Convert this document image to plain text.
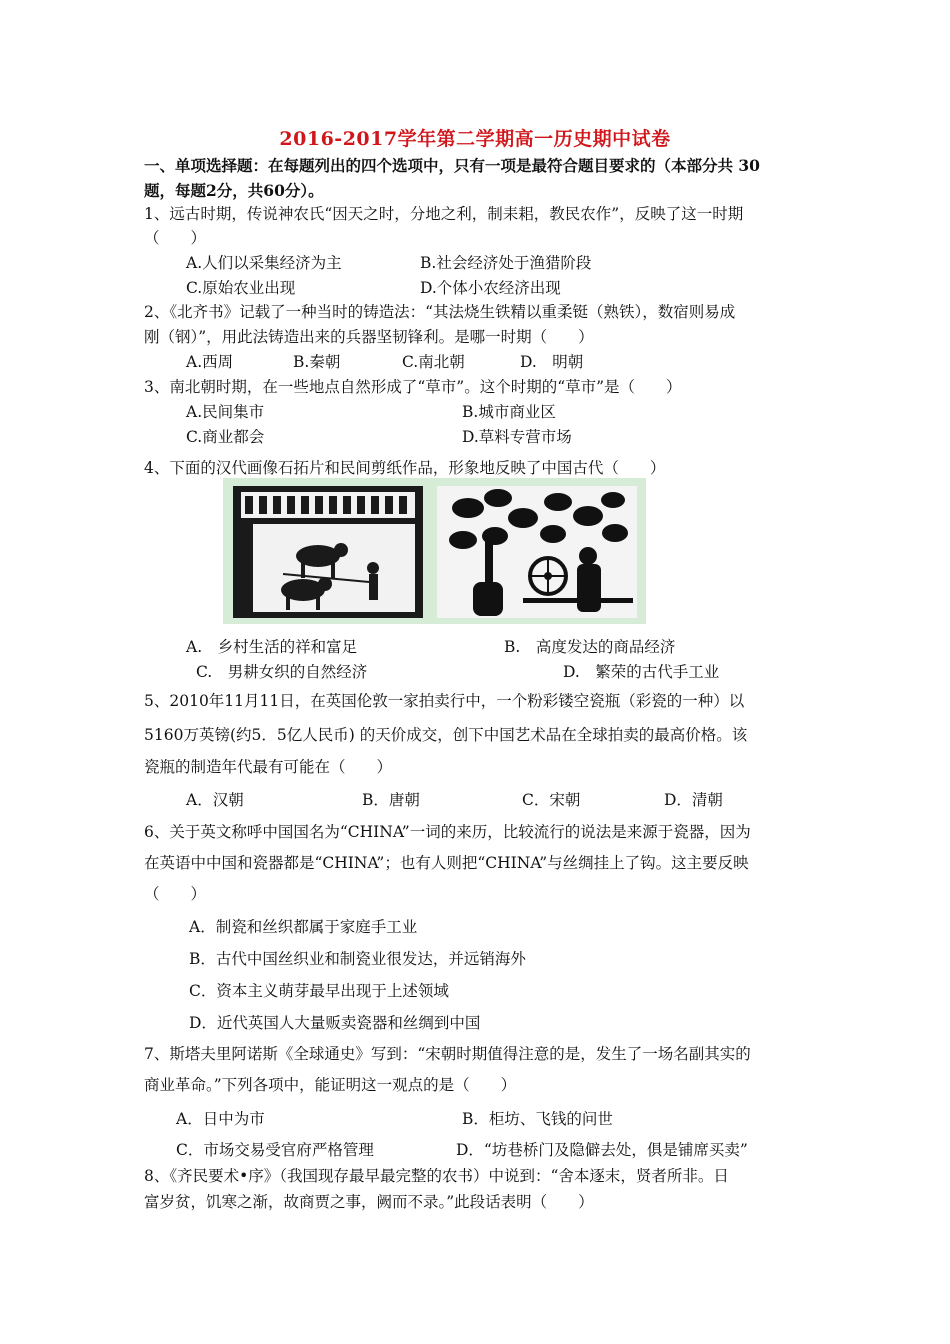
2016-2017学年第二学期高一历史期中试卷
一、单项选择题：在每题列出的四个选项中，只有一项是最符合题目要求的（本部分共 30
题，每题2分，共60分）。
1、远古时期，传说神农氏“因天之时，分地之利，制耒耜，教民农作”，反映了这一时期
（　　）
A.人们以采集经济为主	B.社会经济处于渔猎阶段
C.原始农业出现	D.个体小农经济出现
2、《北齐书》记载了一种当时的铸造法：“其法烧生铁精以重柔铤（熟铁），数宿则易成
刚（钢）”，用此法铸造出来的兵器坚韧锋利。是哪一时期（　　）
A.西周	B.秦朝	C.南北朝	D.　明朝
3、南北朝时期，在一些地点自然形成了“草市”。这个时期的“草市”是（　　）
A.民间集市	B.城市商业区
C.商业都会	D.草料专营市场
4、下面的汉代画像石拓片和民间剪纸作品，形象地反映了中国古代（　　）
A.　乡村生活的祥和富足	B.　高度发达的商品经济
C.　男耕女织的自然经济	D.　繁荣的古代手工业
5、2010年11月11日，在英国伦敦一家拍卖行中，一个粉彩镂空瓷瓶（彩瓷的一种）以
5160万英镑(约5．5亿人民币) 的天价成交，创下中国艺术品在全球拍卖的最高价格。该
瓷瓶的制造年代最有可能在（　　）
A．汉朝	B．唐朝	C．宋朝	D．清朝
6、关于英文称呼中国国名为“CHINA”一词的来历，比较流行的说法是来源于瓷器，因为
在英语中中国和瓷器都是“CHINA”；也有人则把“CHINA”与丝绸挂上了钩。这主要反映
（　　）
A．制瓷和丝织都属于家庭手工业
B．古代中国丝织业和制瓷业很发达，并远销海外
C．资本主义萌芽最早出现于上述领域
D．近代英国人大量贩卖瓷器和丝绸到中国
7、斯塔夫里阿诺斯《全球通史》写到：“宋朝时期值得注意的是，发生了一场名副其实的
商业革命。”下列各项中，能证明这一观点的是（　　）
A．日中为市	B．柜坊、飞钱的问世
C．市场交易受官府严格管理	D．“坊巷桥门及隐僻去处，俱是铺席买卖”
8、《齐民要术•序》（我国现存最早最完整的农书）中说到：“舍本逐末，贤者所非。日
富岁贫，饥寒之渐，故商贾之事，阙而不录。”此段话表明（　　）
